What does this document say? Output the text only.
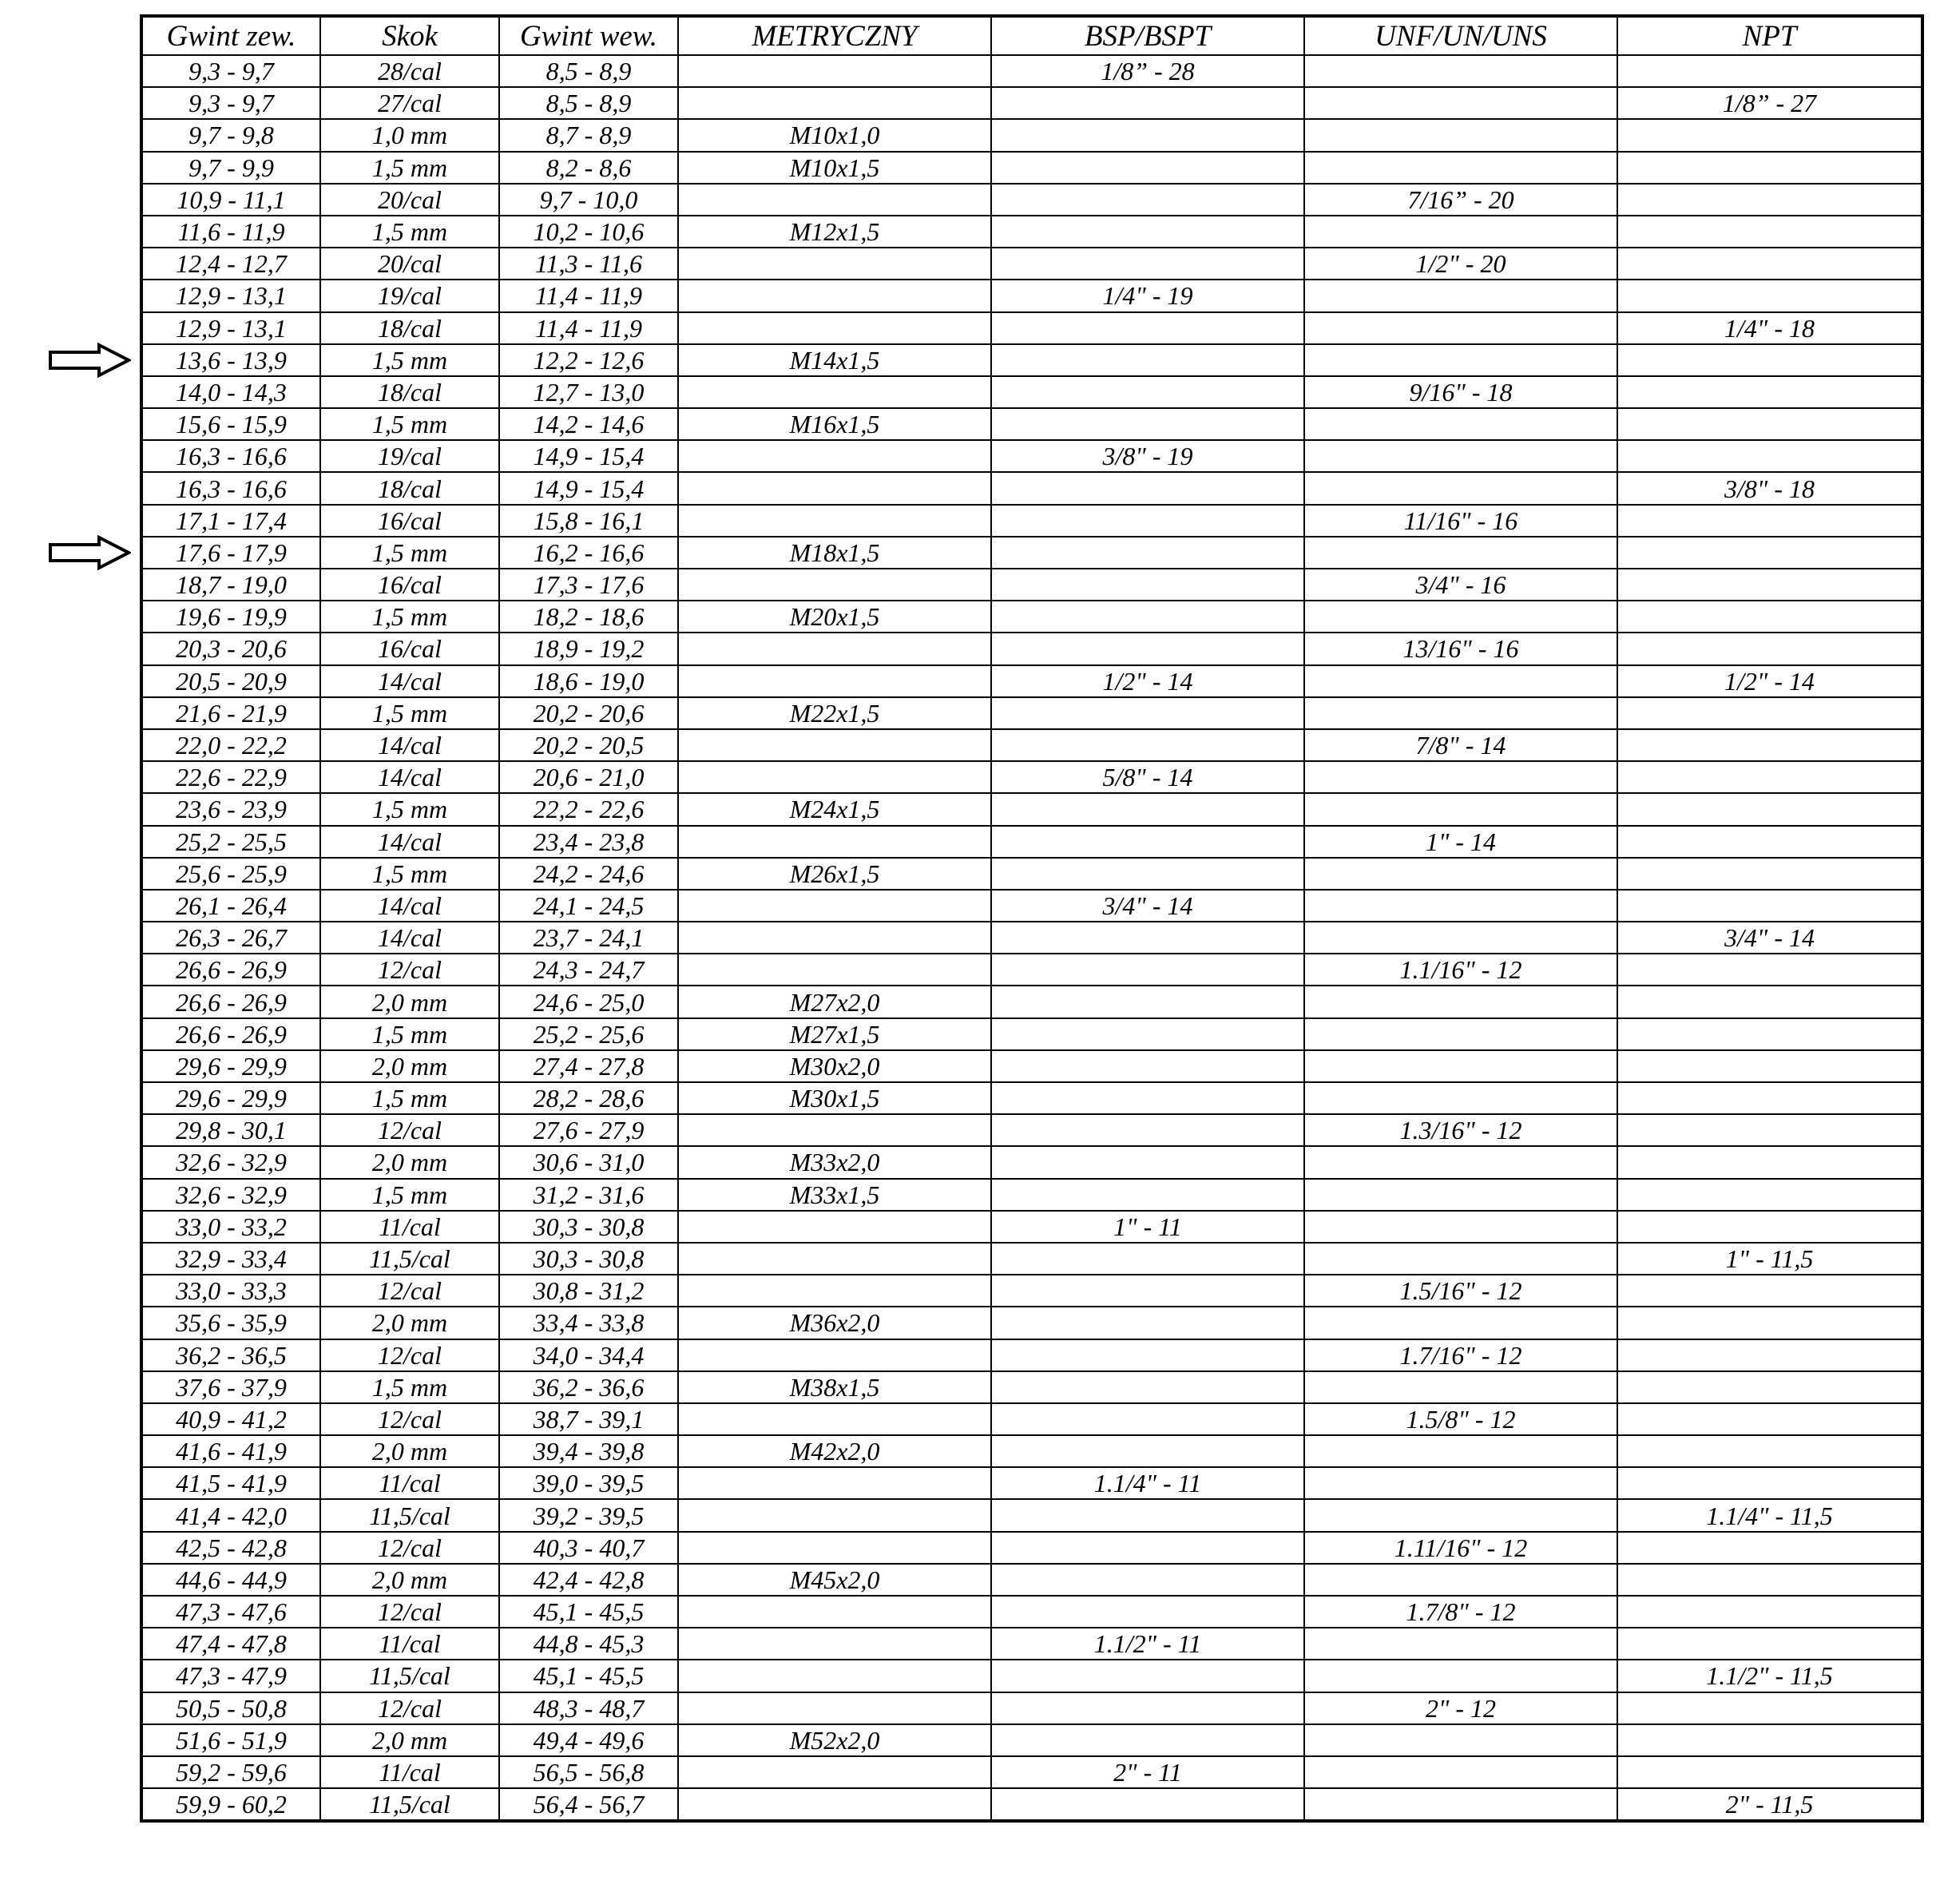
Gwint zew.	Skok	Gwint wew.	METRYCZNY	BSP/BSPT	UNF/UN/UNS	NPT
9,3 - 9,7	28/cal	8,5 - 8,9		1/8” - 28		
9,3 - 9,7	27/cal	8,5 - 8,9				1/8” - 27
9,7 - 9,8	1,0 mm	8,7 - 8,9	M10x1,0			
9,7 - 9,9	1,5 mm	8,2 - 8,6	M10x1,5			
10,9 - 11,1	20/cal	9,7 - 10,0			7/16” - 20	
11,6 - 11,9	1,5 mm	10,2 - 10,6	M12x1,5			
12,4 - 12,7	20/cal	11,3 - 11,6			1/2" - 20	
12,9 - 13,1	19/cal	11,4 - 11,9		1/4" - 19		
12,9 - 13,1	18/cal	11,4 - 11,9				1/4" - 18
13,6 - 13,9	1,5 mm	12,2 - 12,6	M14x1,5			
14,0 - 14,3	18/cal	12,7 - 13,0			9/16" - 18	
15,6 - 15,9	1,5 mm	14,2 - 14,6	M16x1,5			
16,3 - 16,6	19/cal	14,9 - 15,4		3/8" - 19		
16,3 - 16,6	18/cal	14,9 - 15,4				3/8" - 18
17,1 - 17,4	16/cal	15,8 - 16,1			11/16" - 16	
17,6 - 17,9	1,5 mm	16,2 - 16,6	M18x1,5			
18,7 - 19,0	16/cal	17,3 - 17,6			3/4" - 16	
19,6 - 19,9	1,5 mm	18,2 - 18,6	M20x1,5			
20,3 - 20,6	16/cal	18,9 - 19,2			13/16" - 16	
20,5 - 20,9	14/cal	18,6 - 19,0		1/2" - 14		1/2" - 14
21,6 - 21,9	1,5 mm	20,2 - 20,6	M22x1,5			
22,0 - 22,2	14/cal	20,2 - 20,5			7/8" - 14	
22,6 - 22,9	14/cal	20,6 - 21,0		5/8" - 14		
23,6 - 23,9	1,5 mm	22,2 - 22,6	M24x1,5			
25,2 - 25,5	14/cal	23,4 - 23,8			1" - 14	
25,6 - 25,9	1,5 mm	24,2 - 24,6	M26x1,5			
26,1 - 26,4	14/cal	24,1 - 24,5		3/4" - 14		
26,3 - 26,7	14/cal	23,7 - 24,1				3/4" - 14
26,6 - 26,9	12/cal	24,3 - 24,7			1.1/16" - 12	
26,6 - 26,9	2,0 mm	24,6 - 25,0	M27x2,0			
26,6 - 26,9	1,5 mm	25,2 - 25,6	M27x1,5			
29,6 - 29,9	2,0 mm	27,4 - 27,8	M30x2,0			
29,6 - 29,9	1,5 mm	28,2 - 28,6	M30x1,5			
29,8 - 30,1	12/cal	27,6 - 27,9			1.3/16" - 12	
32,6 - 32,9	2,0 mm	30,6 - 31,0	M33x2,0			
32,6 - 32,9	1,5 mm	31,2 - 31,6	M33x1,5			
33,0 - 33,2	11/cal	30,3 - 30,8		1" - 11		
32,9 - 33,4	11,5/cal	30,3 - 30,8				1" - 11,5
33,0 - 33,3	12/cal	30,8 - 31,2			1.5/16" - 12	
35,6 - 35,9	2,0 mm	33,4 - 33,8	M36x2,0			
36,2 - 36,5	12/cal	34,0 - 34,4			1.7/16" - 12	
37,6 - 37,9	1,5 mm	36,2 - 36,6	M38x1,5			
40,9 - 41,2	12/cal	38,7 - 39,1			1.5/8" - 12	
41,6 - 41,9	2,0 mm	39,4 - 39,8	M42x2,0			
41,5 - 41,9	11/cal	39,0 - 39,5		1.1/4" - 11		
41,4 - 42,0	11,5/cal	39,2 - 39,5				1.1/4" - 11,5
42,5 - 42,8	12/cal	40,3 - 40,7			1.11/16" - 12	
44,6 - 44,9	2,0 mm	42,4 - 42,8	M45x2,0			
47,3 - 47,6	12/cal	45,1 - 45,5			1.7/8" - 12	
47,4 - 47,8	11/cal	44,8 - 45,3		1.1/2" - 11		
47,3 - 47,9	11,5/cal	45,1 - 45,5				1.1/2" - 11,5
50,5 - 50,8	12/cal	48,3 - 48,7			2" - 12	
51,6 - 51,9	2,0 mm	49,4 - 49,6	M52x2,0			
59,2 - 59,6	11/cal	56,5 - 56,8		2" - 11		
59,9 - 60,2	11,5/cal	56,4 - 56,7				2" - 11,5
